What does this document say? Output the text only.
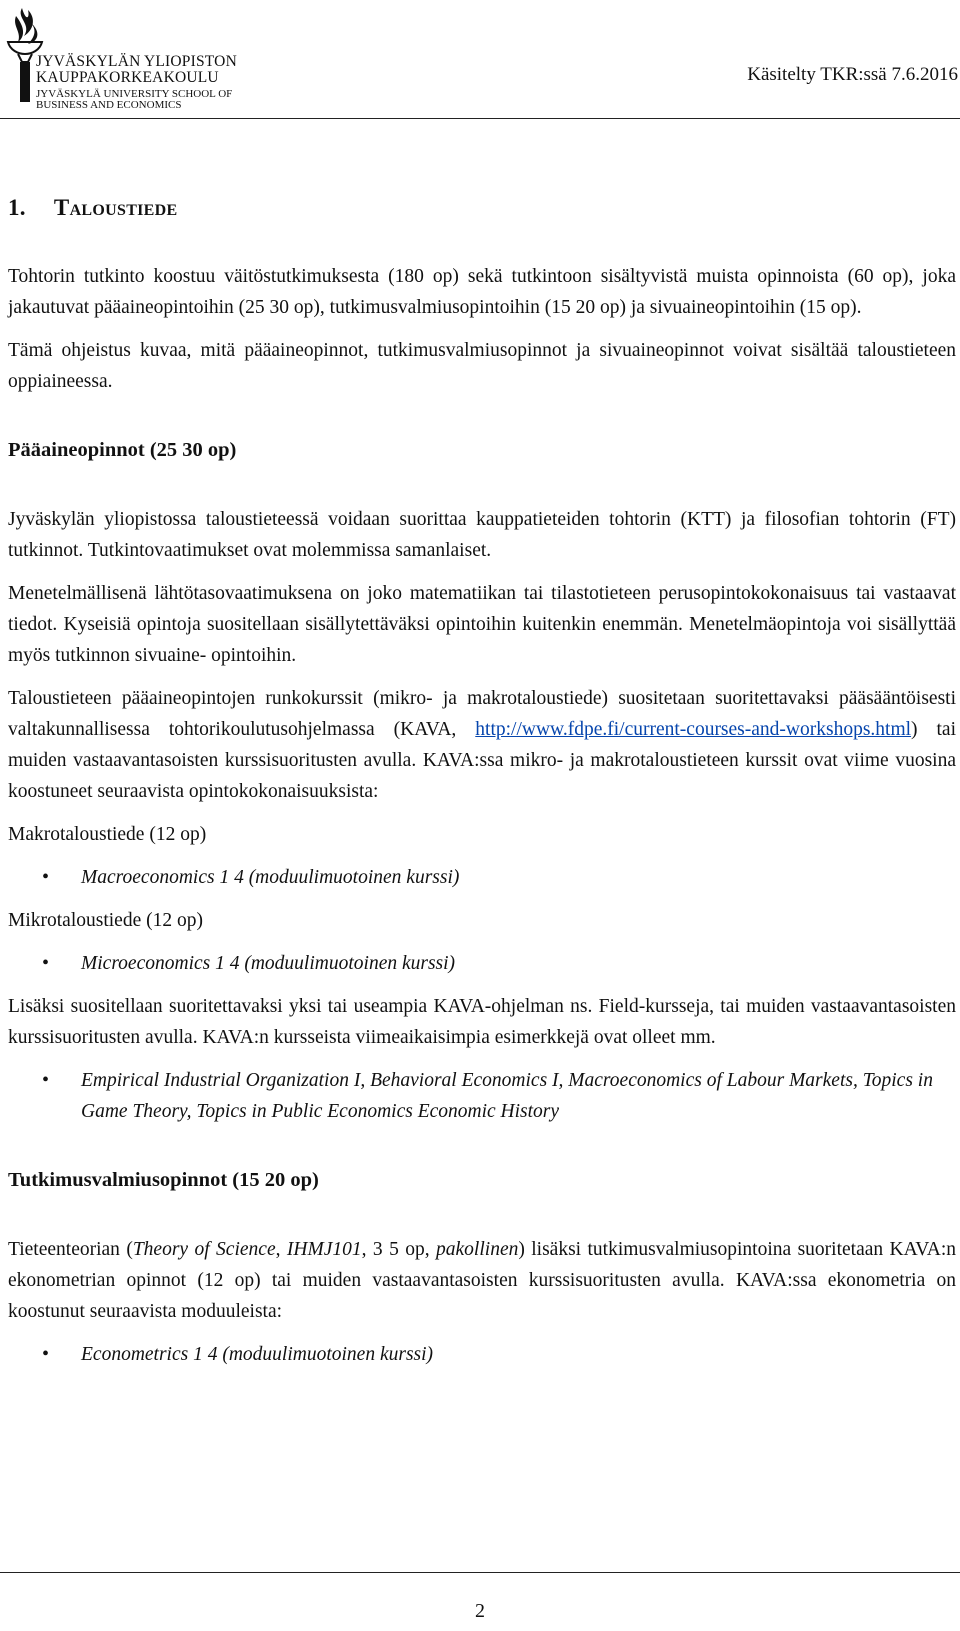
JYVÄSKYLÄN YLIOPISTON
KAUPPAKORKEAKOULU
JYVÄSKYLÄ UNIVERSITY SCHOOL OF
BUSINESS AND ECONOMICS
Käsitelty TKR:ssä 7.6.2016
1. Taloustiede

Tohtorin tutkinto koostuu väitöstutkimuksesta (180 op) sekä tutkintoon sisältyvistä muista opinnoista (60 op), joka jakautuvat pääaineopintoihin (25 30 op), tutkimusvalmiusopintoihin (15 20 op) ja sivuaineopintoihin (15 op).

Tämä ohjeistus kuvaa, mitä pääaineopinnot, tutkimusvalmiusopinnot ja sivuaineopinnot voivat sisältää taloustieteen oppiaineessa.

Pääaineopinnot (25 30 op)

Jyväskylän yliopistossa taloustieteessä voidaan suorittaa kauppatieteiden tohtorin (KTT) ja filosofian tohtorin (FT) tutkinnot. Tutkintovaatimukset ovat molemmissa samanlaiset.

Menetelmällisenä lähtötasovaatimuksena on joko matematiikan tai tilastotieteen perusopintokokonaisuus tai vastaavat tiedot. Kyseisiä opintoja suositellaan sisällytettäväksi opintoihin kuitenkin enemmän. Menetelmäopintoja voi sisällyttää myös tutkinnon sivuaine- opintoihin.

Taloustieteen pääaineopintojen runkokurssit (mikro- ja makrotaloustiede) suositetaan suoritettavaksi pääsääntöisesti valtakunnallisessa tohtorikoulutusohjelmassa (KAVA, http://www.fdpe.fi/current-courses-and-workshops.html) tai muiden vastaavantasoisten kurssisuoritusten avulla. KAVA:ssa mikro- ja makrotaloustieteen kurssit ovat viime vuosina koostuneet seuraavista opintokokonaisuuksista:

Makrotaloustiede (12 op)

• Macroeconomics 1 4 (moduulimuotoinen kurssi)

Mikrotaloustiede (12 op)

• Microeconomics 1 4 (moduulimuotoinen kurssi)

Lisäksi suositellaan suoritettavaksi yksi tai useampia KAVA-ohjelman ns. Field-kursseja, tai muiden vastaavantasoisten kurssisuoritusten avulla. KAVA:n kursseista viimeaikaisimpia esimerkkejä ovat olleet mm.

• Empirical Industrial Organization I, Behavioral Economics I, Macroeconomics of Labour Markets, Topics in Game Theory, Topics in Public Economics Economic History
Tutkimusvalmiusopinnot (15 20 op)

Tieteenteorian (Theory of Science, IHMJ101, 3 5 op, pakollinen) lisäksi tutkimusvalmiusopintoina suoritetaan KAVA:n ekonometrian opinnot (12 op) tai muiden vastaavantasoisten kurssisuoritusten avulla. KAVA:ssa ekonometria on koostunut seuraavista moduuleista:

• Econometrics 1 4 (moduulimuotoinen kurssi)
2
